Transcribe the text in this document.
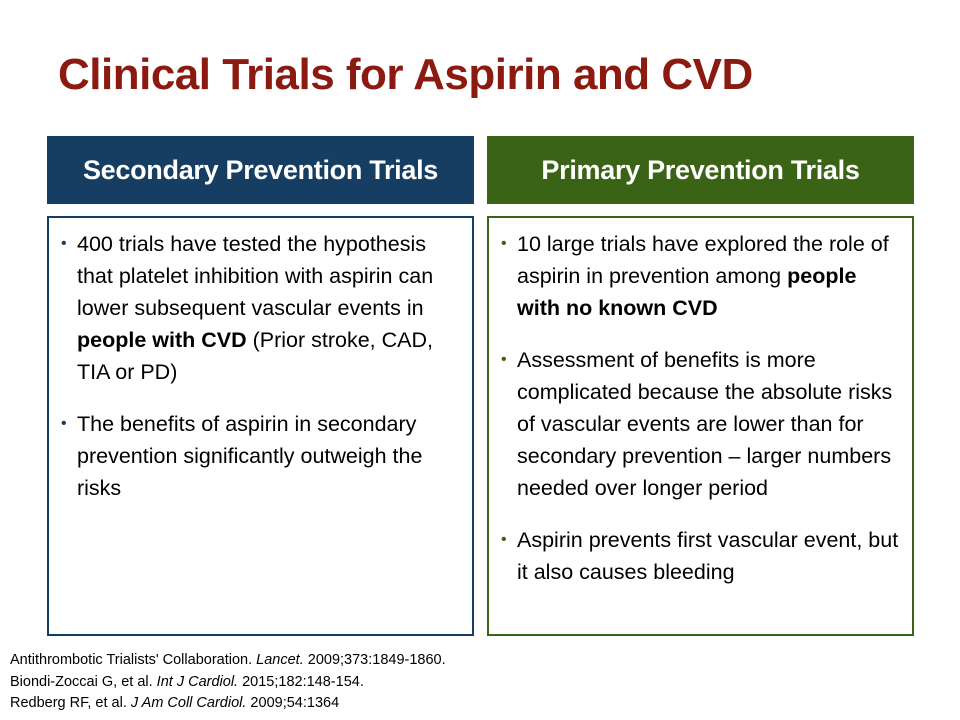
Clinical Trials for Aspirin and CVD
Secondary Prevention Trials	Primary Prevention Trials
• 400 trials have tested the hypothesis that platelet inhibition with aspirin can lower subsequent vascular events in people with CVD (Prior stroke, CAD, TIA or PD)
• The benefits of aspirin in secondary prevention significantly outweigh the risks
• 10 large trials have explored the role of aspirin in prevention among people with no known CVD
• Assessment of benefits is more complicated because the absolute risks of vascular events are lower than for secondary prevention – larger numbers needed over longer period
• Aspirin prevents first vascular event, but it also causes bleeding
Antithrombotic Trialists' Collaboration. Lancet. 2009;373:1849-1860.
Biondi-Zoccai G, et al. Int J Cardiol. 2015;182:148-154.
Redberg RF, et al. J Am Coll Cardiol. 2009;54:1364
